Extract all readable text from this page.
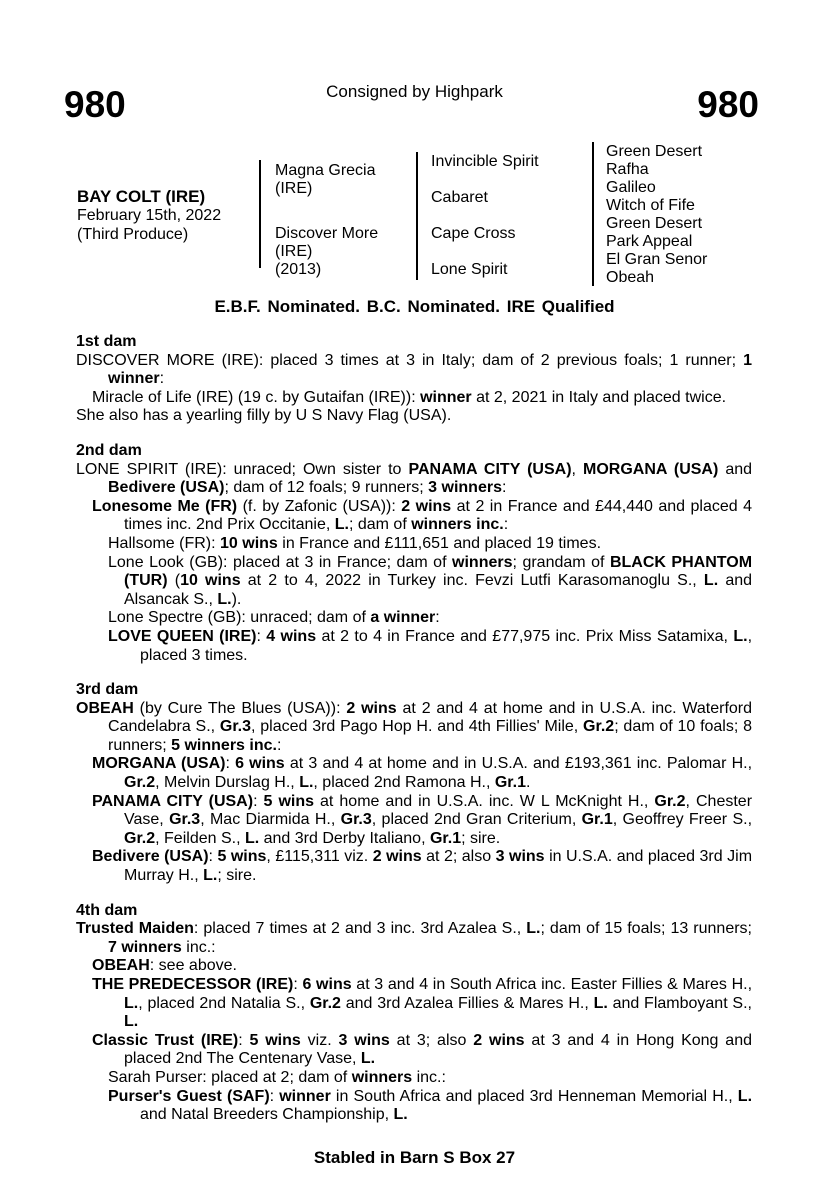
980	Consigned by Highpark	980
BAY COLT (IRE)
February 15th, 2022
(Third Produce)
Magna Grecia
(IRE)
Discover More
(IRE)
(2013)
Invincible Spirit
Cabaret
Cape Cross
Lone Spirit
Green Desert
Rafha
Galileo
Witch of Fife
Green Desert
Park Appeal
El Gran Senor
Obeah
E.B.F. Nominated. B.C. Nominated. IRE Qualified
1st dam
DISCOVER MORE (IRE): placed 3 times at 3 in Italy; dam of 2 previous foals; 1 runner; 1 winner:
Miracle of Life (IRE) (19 c. by Gutaifan (IRE)): winner at 2, 2021 in Italy and placed twice.
She also has a yearling filly by U S Navy Flag (USA).
2nd dam
LONE SPIRIT (IRE): unraced; Own sister to PANAMA CITY (USA), MORGANA (USA) and Bedivere (USA); dam of 12 foals; 9 runners; 3 winners:
Lonesome Me (FR) (f. by Zafonic (USA)): 2 wins at 2 in France and £44,440 and placed 4 times inc. 2nd Prix Occitanie, L.; dam of winners inc.:
Hallsome (FR): 10 wins in France and £111,651 and placed 19 times.
Lone Look (GB): placed at 3 in France; dam of winners; grandam of BLACK PHANTOM (TUR) (10 wins at 2 to 4, 2022 in Turkey inc. Fevzi Lutfi Karasomanoglu S., L. and Alsancak S., L.).
Lone Spectre (GB): unraced; dam of a winner:
LOVE QUEEN (IRE): 4 wins at 2 to 4 in France and £77,975 inc. Prix Miss Satamixa, L., placed 3 times.
3rd dam
OBEAH (by Cure The Blues (USA)): 2 wins at 2 and 4 at home and in U.S.A. inc. Waterford Candelabra S., Gr.3, placed 3rd Pago Hop H. and 4th Fillies' Mile, Gr.2; dam of 10 foals; 8 runners; 5 winners inc.:
MORGANA (USA): 6 wins at 3 and 4 at home and in U.S.A. and £193,361 inc. Palomar H., Gr.2, Melvin Durslag H., L., placed 2nd Ramona H., Gr.1.
PANAMA CITY (USA): 5 wins at home and in U.S.A. inc. W L McKnight H., Gr.2, Chester Vase, Gr.3, Mac Diarmida H., Gr.3, placed 2nd Gran Criterium, Gr.1, Geoffrey Freer S., Gr.2, Feilden S., L. and 3rd Derby Italiano, Gr.1; sire.
Bedivere (USA): 5 wins, £115,311 viz. 2 wins at 2; also 3 wins in U.S.A. and placed 3rd Jim Murray H., L.; sire.
4th dam
Trusted Maiden: placed 7 times at 2 and 3 inc. 3rd Azalea S., L.; dam of 15 foals; 13 runners; 7 winners inc.:
OBEAH: see above.
THE PREDECESSOR (IRE): 6 wins at 3 and 4 in South Africa inc. Easter Fillies & Mares H., L., placed 2nd Natalia S., Gr.2 and 3rd Azalea Fillies & Mares H., L. and Flamboyant S., L.
Classic Trust (IRE): 5 wins viz. 3 wins at 3; also 2 wins at 3 and 4 in Hong Kong and placed 2nd The Centenary Vase, L.
Sarah Purser: placed at 2; dam of winners inc.:
Purser's Guest (SAF): winner in South Africa and placed 3rd Henneman Memorial H., L. and Natal Breeders Championship, L.
Stabled in Barn S Box 27
